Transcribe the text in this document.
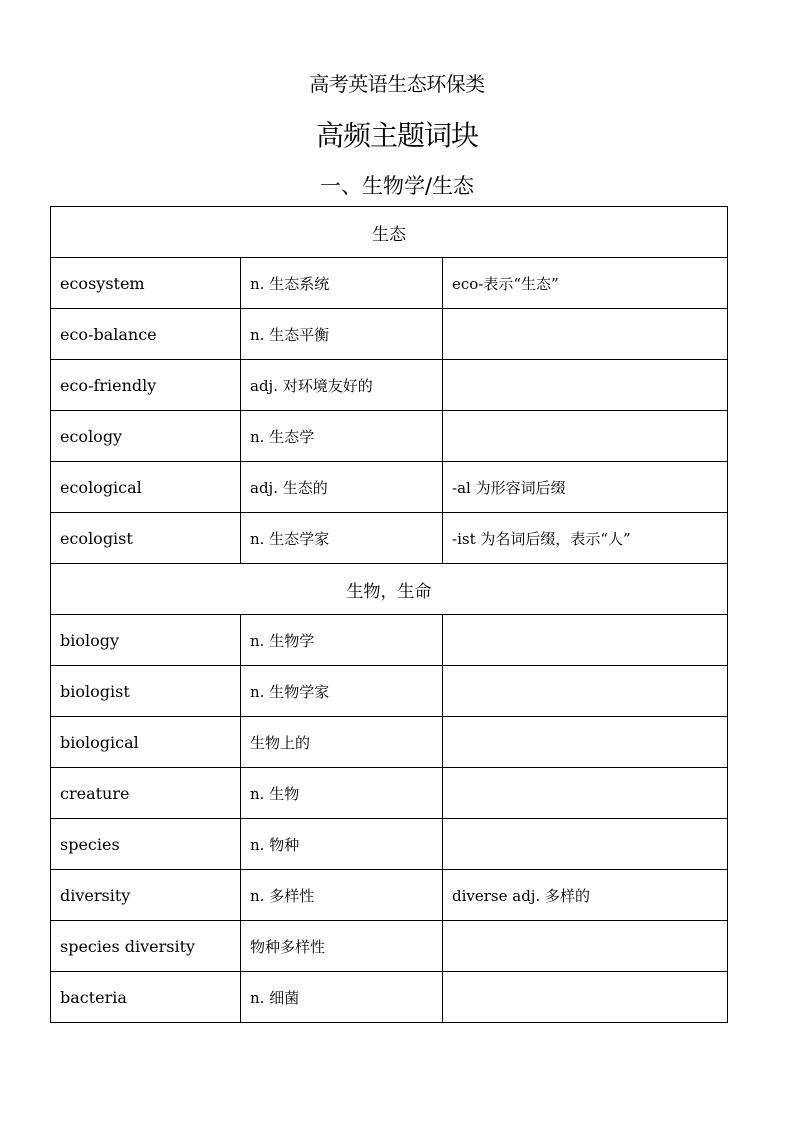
高考英语生态环保类
高频主题词块
一、生物学/生态
生态		
ecosystem	n. 生态系统	eco-表示“生态”
eco-balance	n. 生态平衡	
eco-friendly	adj. 对环境友好的	
ecology	n. 生态学	
ecological	adj. 生态的	-al 为形容词后缀
ecologist	n. 生态学家	-ist 为名词后缀，表示“人”
生物，生命		
biology	n. 生物学	
biologist	n. 生物学家	
biological	生物上的	
creature	n. 生物	
species	n. 物种	
diversity	n. 多样性	diverse adj. 多样的
species diversity	物种多样性	
bacteria	n. 细菌	
